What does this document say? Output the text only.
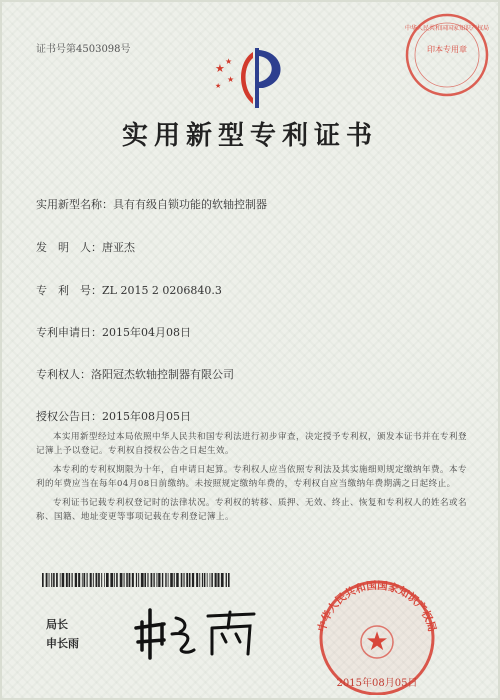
证书号第4503098号
★
★
★
★
印本专用章
中华人民共和国国家知识产权局
实用新型专利证书
实用新型名称：具有有级自锁功能的软轴控制器
发　明　人：唐亚杰
专　利　号：ZL 2015 2 0206840.3
专利申请日：2015年04月08日
专利权人：洛阳冠杰软轴控制器有限公司
授权公告日：2015年08月05日

本实用新型经过本局依照中华人民共和国专利法进行初步审查，决定授予专利权，颁发本证书并在专利登记簿上予以登记。专利权自授权公告之日起生效。

本专利的专利权期限为十年，自申请日起算。专利权人应当依照专利法及其实施细则规定缴纳年费。本专利的年费应当在每年04月08日前缴纳。未按照规定缴纳年费的，专利权自应当缴纳年费期满之日起终止。

专利证书记载专利权登记时的法律状况。专利权的转移、质押、无效、终止、恢复和专利权人的姓名或名称、国籍、地址变更等事项记载在专利登记簿上。

局长
申长雨
中华人民共和国国家知识产权局
★
2015年08月05日
